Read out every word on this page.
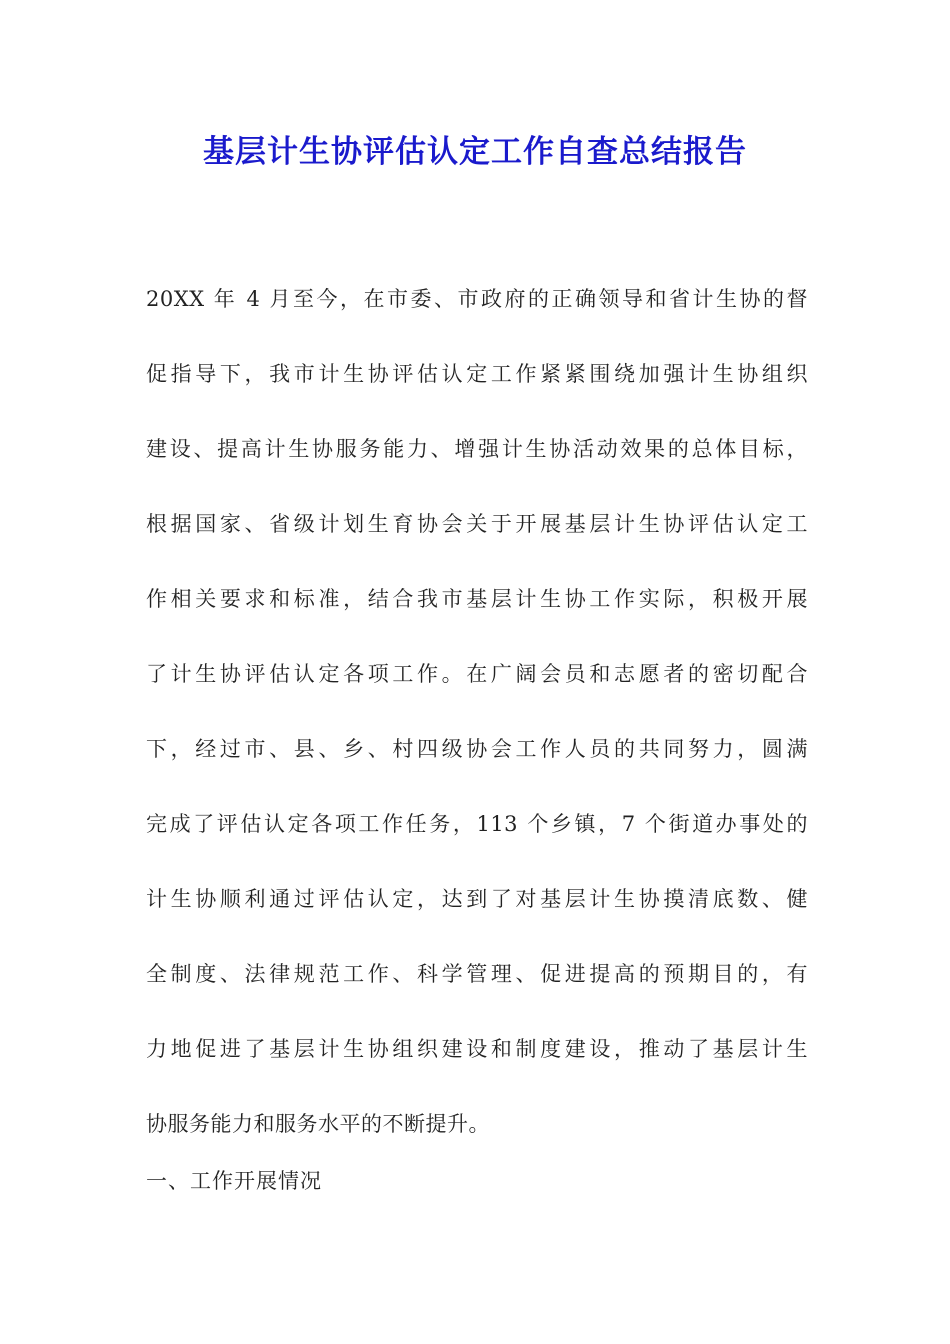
基层计生协评估认定工作自查总结报告
20XX 年 4 月至今，在市委、市政府的正确领导和省计生协的督
促指导下，我市计生协评估认定工作紧紧围绕加强计生协组织
建设、提高计生协服务能力、增强计生协活动效果的总体目标，
根据国家、省级计划生育协会关于开展基层计生协评估认定工
作相关要求和标准，结合我市基层计生协工作实际，积极开展
了计生协评估认定各项工作。在广阔会员和志愿者的密切配合
下，经过市、县、乡、村四级协会工作人员的共同努力，圆满
完成了评估认定各项工作任务，113 个乡镇，7 个街道办事处的
计生协顺利通过评估认定，达到了对基层计生协摸清底数、健
全制度、法律规范工作、科学管理、促进提高的预期目的，有
力地促进了基层计生协组织建设和制度建设，推动了基层计生
协服务能力和服务水平的不断提升。
一、工作开展情况
